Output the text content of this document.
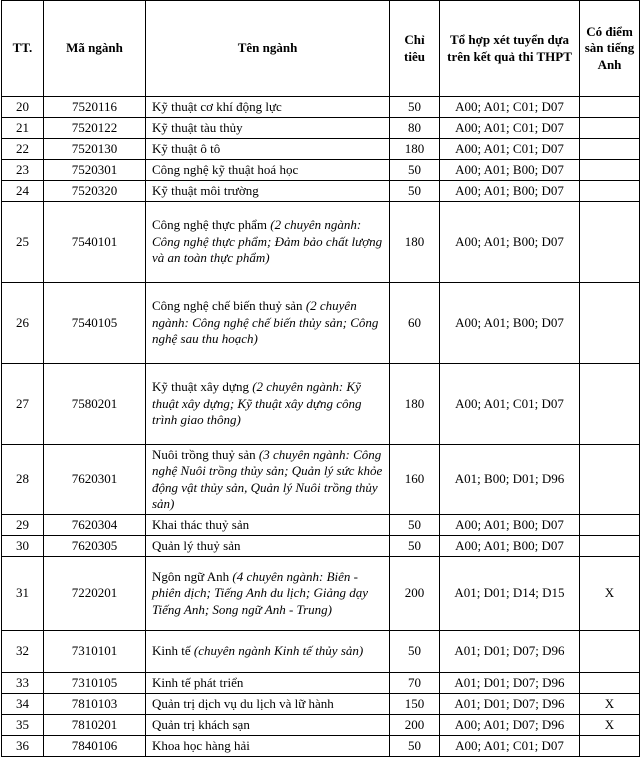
TT.	Mã ngành	Tên ngành	Chỉ tiêu	Tổ hợp xét tuyển dựa trên kết quả thi THPT	Có điểm sàn tiếng Anh
20	7520116	Kỹ thuật cơ khí động lực	50	A00; A01; C01; D07	
21	7520122	Kỹ thuật tàu thủy	80	A00; A01; C01; D07	
22	7520130	Kỹ thuật ô tô	180	A00; A01; C01; D07	
23	7520301	Công nghệ kỹ thuật hoá học	50	A00; A01; B00; D07	
24	7520320	Kỹ thuật môi trường	50	A00; A01; B00; D07	
25	7540101	Công nghệ thực phẩm (2 chuyên ngành: Công nghệ thực phẩm; Đảm bảo chất lượng và an toàn thực phẩm)	180	A00; A01; B00; D07	
26	7540105	Công nghệ chế biến thuỷ sản (2 chuyên ngành: Công nghệ chế biến thủy sản; Công nghệ sau thu hoạch)	60	A00; A01; B00; D07	
27	7580201	Kỹ thuật xây dựng (2 chuyên ngành: Kỹ thuật xây dựng; Kỹ thuật xây dựng công trình giao thông)	180	A00; A01; C01; D07	
28	7620301	Nuôi trồng thuỷ sản (3 chuyên ngành: Công nghệ Nuôi trồng thủy sản; Quản lý sức khỏe động vật thủy sản, Quản lý Nuôi trồng thủy sản)	160	A01; B00; D01; D96	
29	7620304	Khai thác thuỷ sản	50	A00; A01; B00; D07	
30	7620305	Quản lý thuỷ sản	50	A00; A01; B00; D07	
31	7220201	Ngôn ngữ Anh (4 chuyên ngành: Biên - phiên dịch; Tiếng Anh du lịch; Giảng dạy Tiếng Anh; Song ngữ Anh - Trung)	200	A01; D01; D14; D15	X
32	7310101	Kinh tế (chuyên ngành Kinh tế thủy sản)	50	A01; D01; D07; D96	
33	7310105	Kinh tế phát triển	70	A01; D01; D07; D96	
34	7810103	Quản trị dịch vụ du lịch và lữ hành	150	A01; D01; D07; D96	X
35	7810201	Quản trị khách sạn	200	A00; A01; D07; D96	X
36	7840106	Khoa học hàng hải	50	A00; A01; C01; D07	
